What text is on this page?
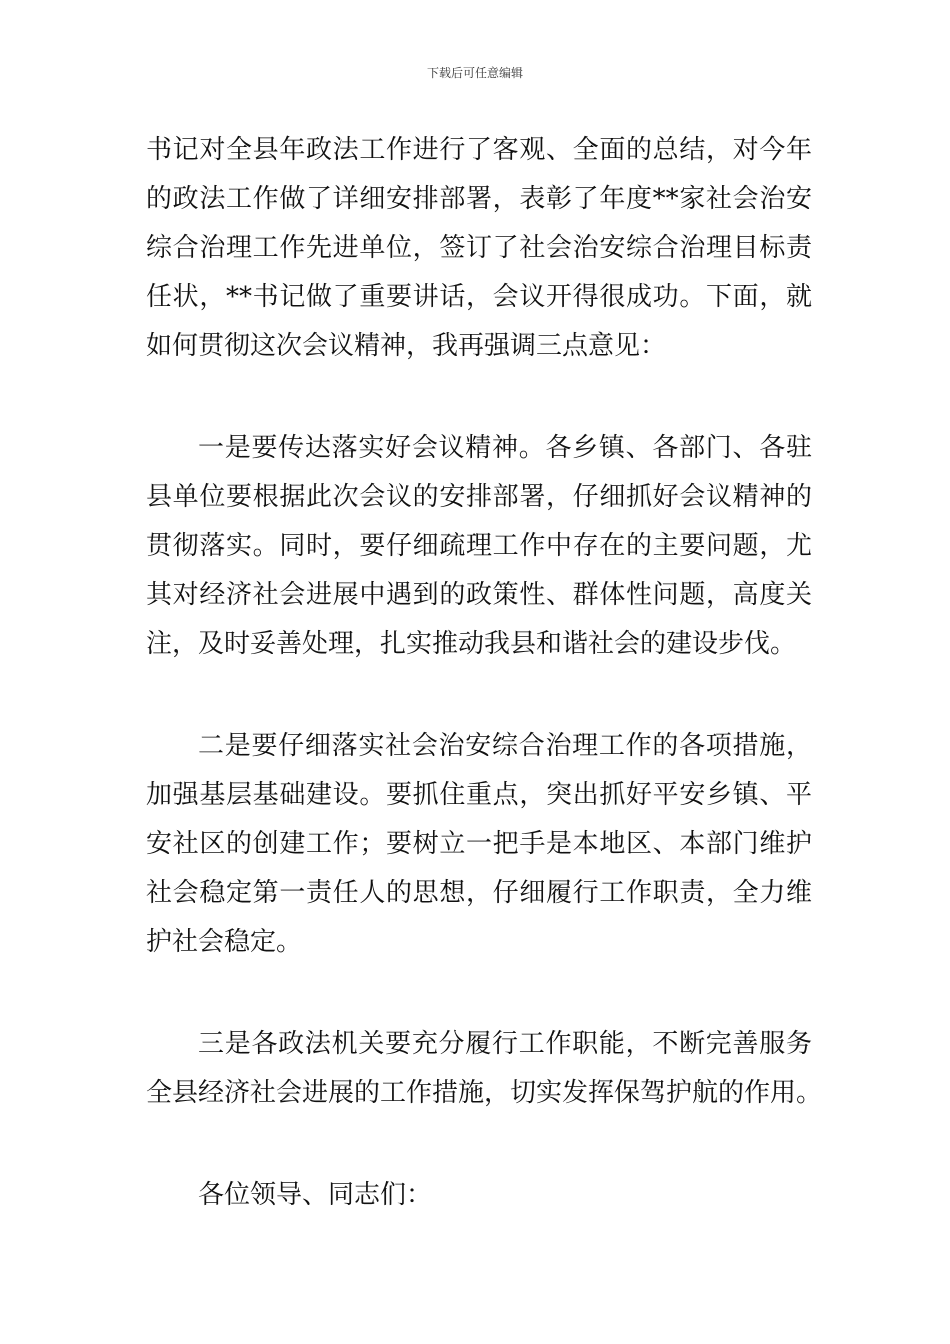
下载后可任意编辑
书记对全县年政法工作进行了客观、全面的总结，对今年
的政法工作做了详细安排部署，表彰了年度**家社会治安
综合治理工作先进单位，签订了社会治安综合治理目标责
任状，**书记做了重要讲话，会议开得很成功。下面，就
如何贯彻这次会议精神，我再强调三点意见：
一是要传达落实好会议精神。各乡镇、各部门、各驻
县单位要根据此次会议的安排部署，仔细抓好会议精神的
贯彻落实。同时，要仔细疏理工作中存在的主要问题，尤
其对经济社会进展中遇到的政策性、群体性问题，高度关
注，及时妥善处理，扎实推动我县和谐社会的建设步伐。
二是要仔细落实社会治安综合治理工作的各项措施，
加强基层基础建设。要抓住重点，突出抓好平安乡镇、平
安社区的创建工作；要树立一把手是本地区、本部门维护
社会稳定第一责任人的思想，仔细履行工作职责，全力维
护社会稳定。
三是各政法机关要充分履行工作职能，不断完善服务
全县经济社会进展的工作措施，切实发挥保驾护航的作用。
各位领导、同志们：
